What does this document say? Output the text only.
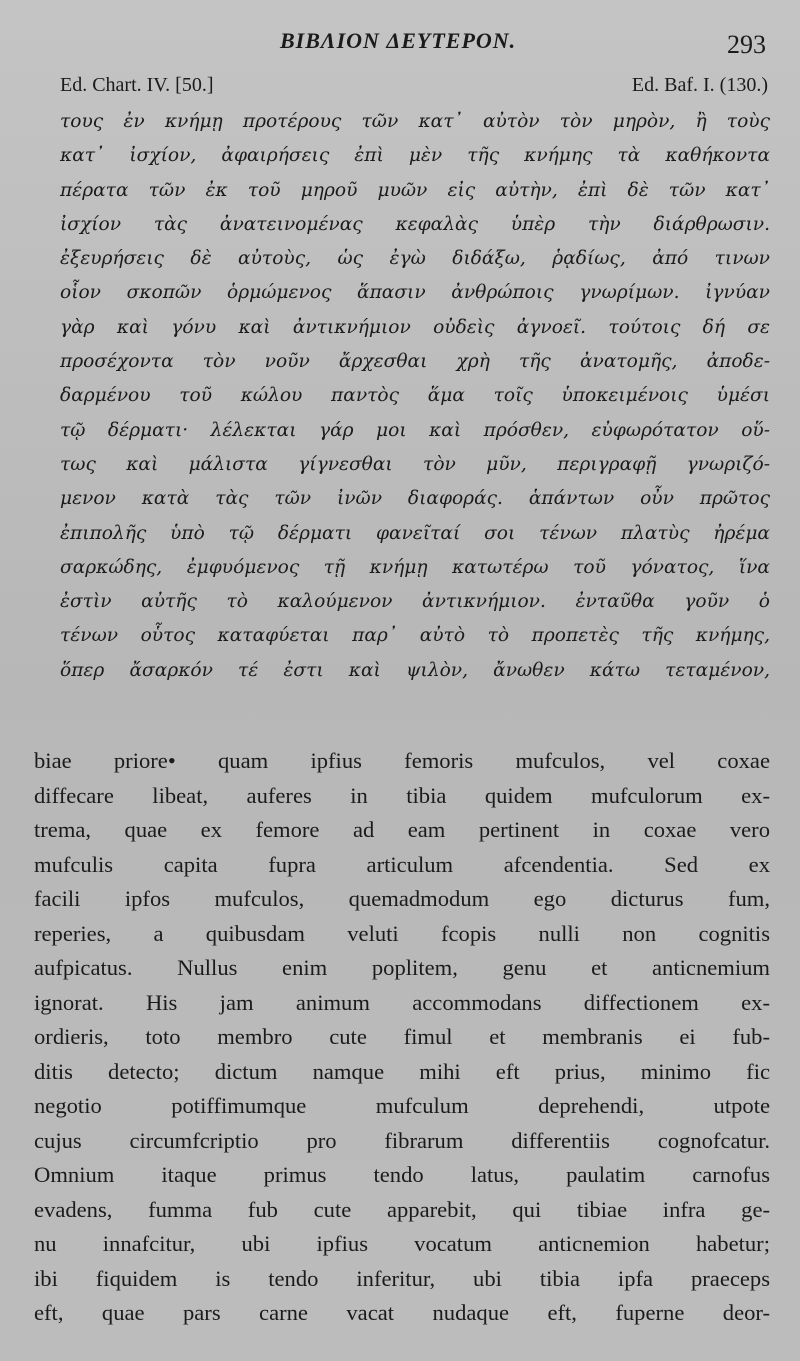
BIBΛION ΔEΥTEPON.	293
Ed. Chart. IV. [50.]	Ed. Baf. I. (130.)
τους ἐν κνήμῃ προτέρους τῶν κατ᾽ αὐτὸν τὸν μηρὸν, ἢ τοὺς
κατ᾽ ἰσχίον, ἀφαιρήσεις ἐπὶ μὲν τῆς κνήμης τὰ καθήκοντα
πέρατα τῶν ἐκ τοῦ μηροῦ μυῶν εἰς αὐτὴν, ἐπὶ δὲ τῶν κατ᾽
ἰσχίον τὰς ἀνατεινομένας κεφαλὰς ὑπὲρ τὴν διάρθρωσιν.
ἐξευρήσεις δὲ αὐτοὺς, ὡς ἐγὼ διδάξω, ῥᾳδίως, ἀπό τινων
οἷον σκοπῶν ὁρμώμενος ἅπασιν ἀνθρώποις γνωρίμων. ἰγνύαν
γὰρ καὶ γόνυ καὶ ἀντικνήμιον οὐδεὶς ἀγνοεῖ. τούτοις δή σε
προσέχοντα τὸν νοῦν ἄρχεσθαι χρὴ τῆς ἀνατομῆς, ἀποδε-
δαρμένου τοῦ κώλου παντὸς ἅμα τοῖς ὑποκειμένοις ὑμέσι
τῷ δέρματι· λέλεκται γάρ μοι καὶ πρόσθεν, εὐφωρότατον οὕ-
τως καὶ μάλιστα γίγνεσθαι τὸν μῦν, περιγραφῇ γνωριζό-
μενον κατὰ τὰς τῶν ἰνῶν διαφοράς. ἁπάντων οὖν πρῶτος
ἐπιπολῆς ὑπὸ τῷ δέρματι φανεῖταί σοι τένων πλατὺς ἠρέμα
σαρκώδης, ἐμφυόμενος τῇ κνήμῃ κατωτέρω τοῦ γόνατος, ἵνα
ἐστὶν αὐτῆς τὸ καλούμενον ἀντικνήμιον. ἐνταῦθα γοῦν ὁ
τένων οὗτος καταφύεται παρ᾽ αὐτὸ τὸ προπετὲς τῆς κνήμης,
ὅπερ ἄσαρκόν τέ ἐστι καὶ ψιλὸν, ἄνωθεν κάτω τεταμένον,
biae priore• quam ipfius femoris mufculos, vel coxae
diffecare libeat, auferes in tibia quidem mufculorum ex-
trema, quae ex femore ad eam pertinent in coxae vero
mufculis capita fupra articulum afcendentia. Sed ex
facili ipfos mufculos, quemadmodum ego dicturus fum,
reperies, a quibusdam veluti fcopis nulli non cognitis
aufpicatus. Nullus enim poplitem, genu et anticnemium
ignorat. His jam animum accommodans diffectionem ex-
ordieris, toto membro cute fimul et membranis ei fub-
ditis detecto; dictum namque mihi eft prius, minimo fic
negotio potiffimumque mufculum deprehendi, utpote
cujus circumfcriptio pro fibrarum differentiis cognofcatur.
Omnium itaque primus tendo latus, paulatim carnofus
evadens, fumma fub cute apparebit, qui tibiae infra ge-
nu innafcitur, ubi ipfius vocatum anticnemion habetur;
ibi fiquidem is tendo inferitur, ubi tibia ipfa praeceps
eft, quae pars carne vacat nudaque eft, fuperne deor-
